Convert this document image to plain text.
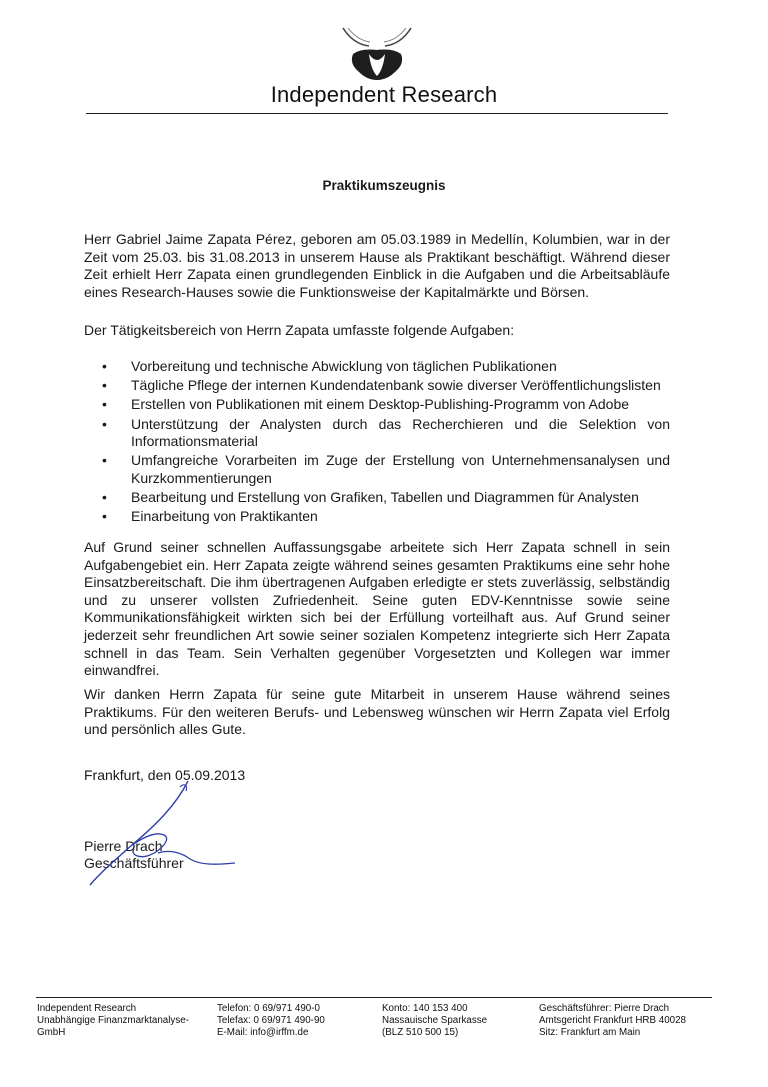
Independent Research
Praktikumszeugnis
Herr Gabriel Jaime Zapata Pérez, geboren am 05.03.1989 in Medellín, Kolumbien, war in der Zeit vom 25.03. bis 31.08.2013 in unserem Hause als Praktikant beschäftigt. Während dieser Zeit erhielt Herr Zapata einen grundlegenden Einblick in die Aufgaben und die Arbeitsabläufe eines Research-Hauses sowie die Funktionsweise der Kapitalmärkte und Börsen.
Der Tätigkeitsbereich von Herrn Zapata umfasste folgende Aufgaben:
• Vorbereitung und technische Abwicklung von täglichen Publikationen
• Tägliche Pflege der internen Kundendatenbank sowie diverser Veröffentlichungslisten
• Erstellen von Publikationen mit einem Desktop-Publishing-Programm von Adobe
• Unterstützung der Analysten durch das Recherchieren und die Selektion von Informationsmaterial
• Umfangreiche Vorarbeiten im Zuge der Erstellung von Unternehmensanalysen und Kurzkommentierungen
• Bearbeitung und Erstellung von Grafiken, Tabellen und Diagrammen für Analysten
• Einarbeitung von Praktikanten
Auf Grund seiner schnellen Auffassungsgabe arbeitete sich Herr Zapata schnell in sein Aufgabengebiet ein. Herr Zapata zeigte während seines gesamten Praktikums eine sehr hohe Einsatzbereitschaft. Die ihm übertragenen Aufgaben erledigte er stets zuverlässig, selbständig und zu unserer vollsten Zufriedenheit. Seine guten EDV-Kenntnisse sowie seine Kommunikationsfähigkeit wirkten sich bei der Erfüllung vorteilhaft aus. Auf Grund seiner jederzeit sehr freundlichen Art sowie seiner sozialen Kompetenz integrierte sich Herr Zapata schnell in das Team. Sein Verhalten gegenüber Vorgesetzten und Kollegen war immer einwandfrei.
Wir danken Herrn Zapata für seine gute Mitarbeit in unserem Hause während seines Praktikums. Für den weiteren Berufs- und Lebensweg wünschen wir Herrn Zapata viel Erfolg und persönlich alles Gute.
Frankfurt, den 05.09.2013
Pierre Drach
Geschäftsführer
Independent Research
Unabhängige Finanzmarktanalyse-
GmbH
Telefon: 0 69/971 490-0
Telefax: 0 69/971 490-90
E-Mail: info@irffm.de
Konto: 140 153 400
Nassauische Sparkasse
(BLZ 510 500 15)
Geschäftsführer: Pierre Drach
Amtsgericht Frankfurt HRB 40028
Sitz: Frankfurt am Main
